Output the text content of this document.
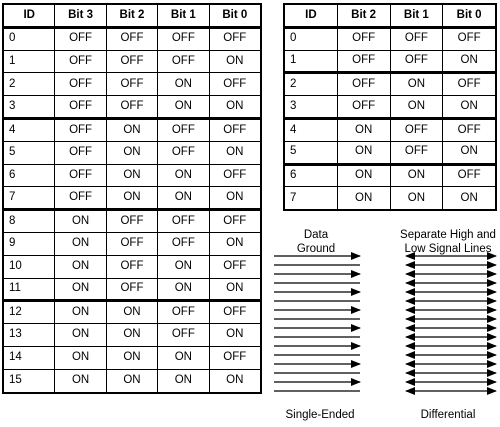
ID	Bit 3	Bit 2	Bit 1	Bit 0
0	OFF	OFF	OFF	OFF
1	OFF	OFF	OFF	ON
2	OFF	OFF	ON	OFF
3	OFF	OFF	ON	ON
4	OFF	ON	OFF	OFF
5	OFF	ON	OFF	ON
6	OFF	ON	ON	OFF
7	OFF	ON	ON	ON
8	ON	OFF	OFF	OFF
9	ON	OFF	OFF	ON
10	ON	OFF	ON	OFF
11	ON	OFF	ON	ON
12	ON	ON	OFF	OFF
13	ON	ON	OFF	ON
14	ON	ON	ON	OFF
15	ON	ON	ON	ON
ID	Bit 2	Bit 1	Bit 0
0	OFF	OFF	OFF
1	OFF	OFF	ON
2	OFF	ON	OFF
3	OFF	ON	ON
4	ON	OFF	OFF
5	ON	OFF	ON
6	ON	ON	OFF
7	ON	ON	ON
Data
Ground
Separate High and
Low Signal Lines
Single-Ended	Differential
